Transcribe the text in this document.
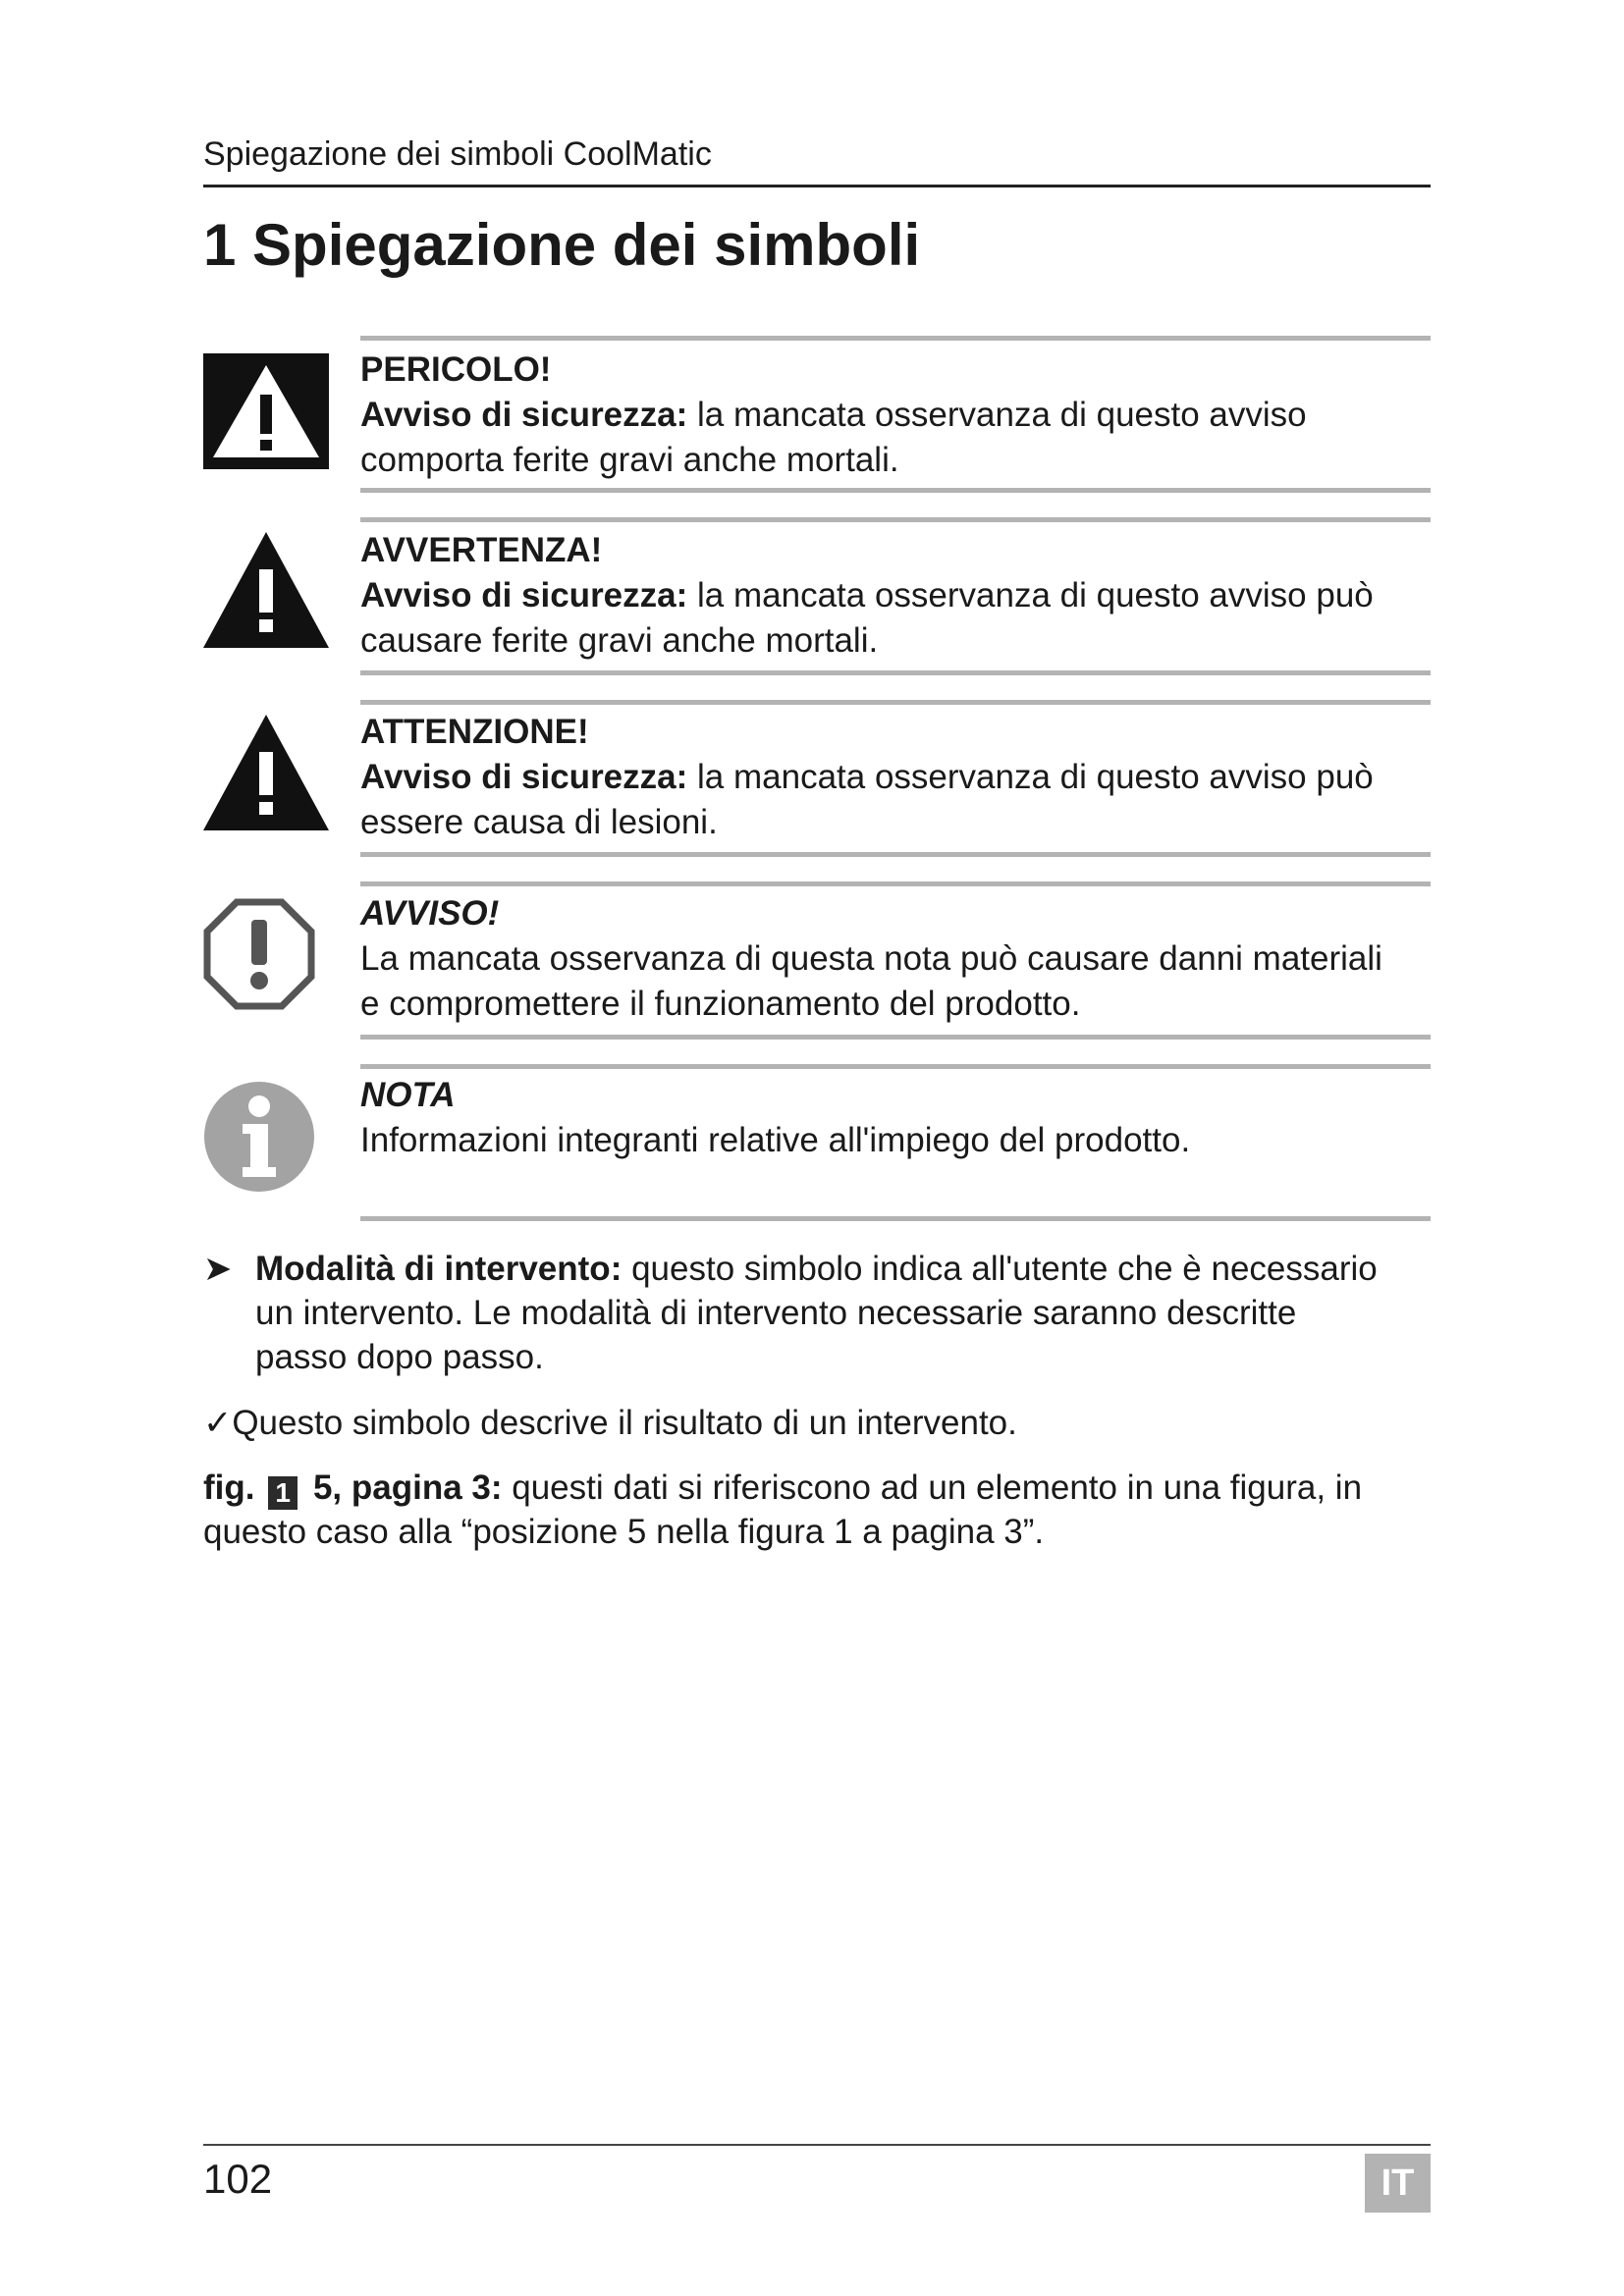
Spiegazione dei simboli CoolMatic
1 Spiegazione dei simboli
PERICOLO!
Avviso di sicurezza: la mancata osservanza di questo avviso
comporta ferite gravi anche mortali.
AVVERTENZA!
Avviso di sicurezza: la mancata osservanza di questo avviso può
causare ferite gravi anche mortali.
ATTENZIONE!
Avviso di sicurezza: la mancata osservanza di questo avviso può
essere causa di lesioni.
AVVISO!
La mancata osservanza di questa nota può causare danni materiali
e compromettere il funzionamento del prodotto.
NOTA
Informazioni integranti relative all'impiego del prodotto.
➤ Modalità di intervento: questo simbolo indica all'utente che è necessario
un intervento. Le modalità di intervento necessarie saranno descritte
passo dopo passo.
✓Questo simbolo descrive il risultato di un intervento.
fig. 1 5, pagina 3: questi dati si riferiscono ad un elemento in una figura, in
questo caso alla “posizione 5 nella figura 1 a pagina 3”.
102	IT
